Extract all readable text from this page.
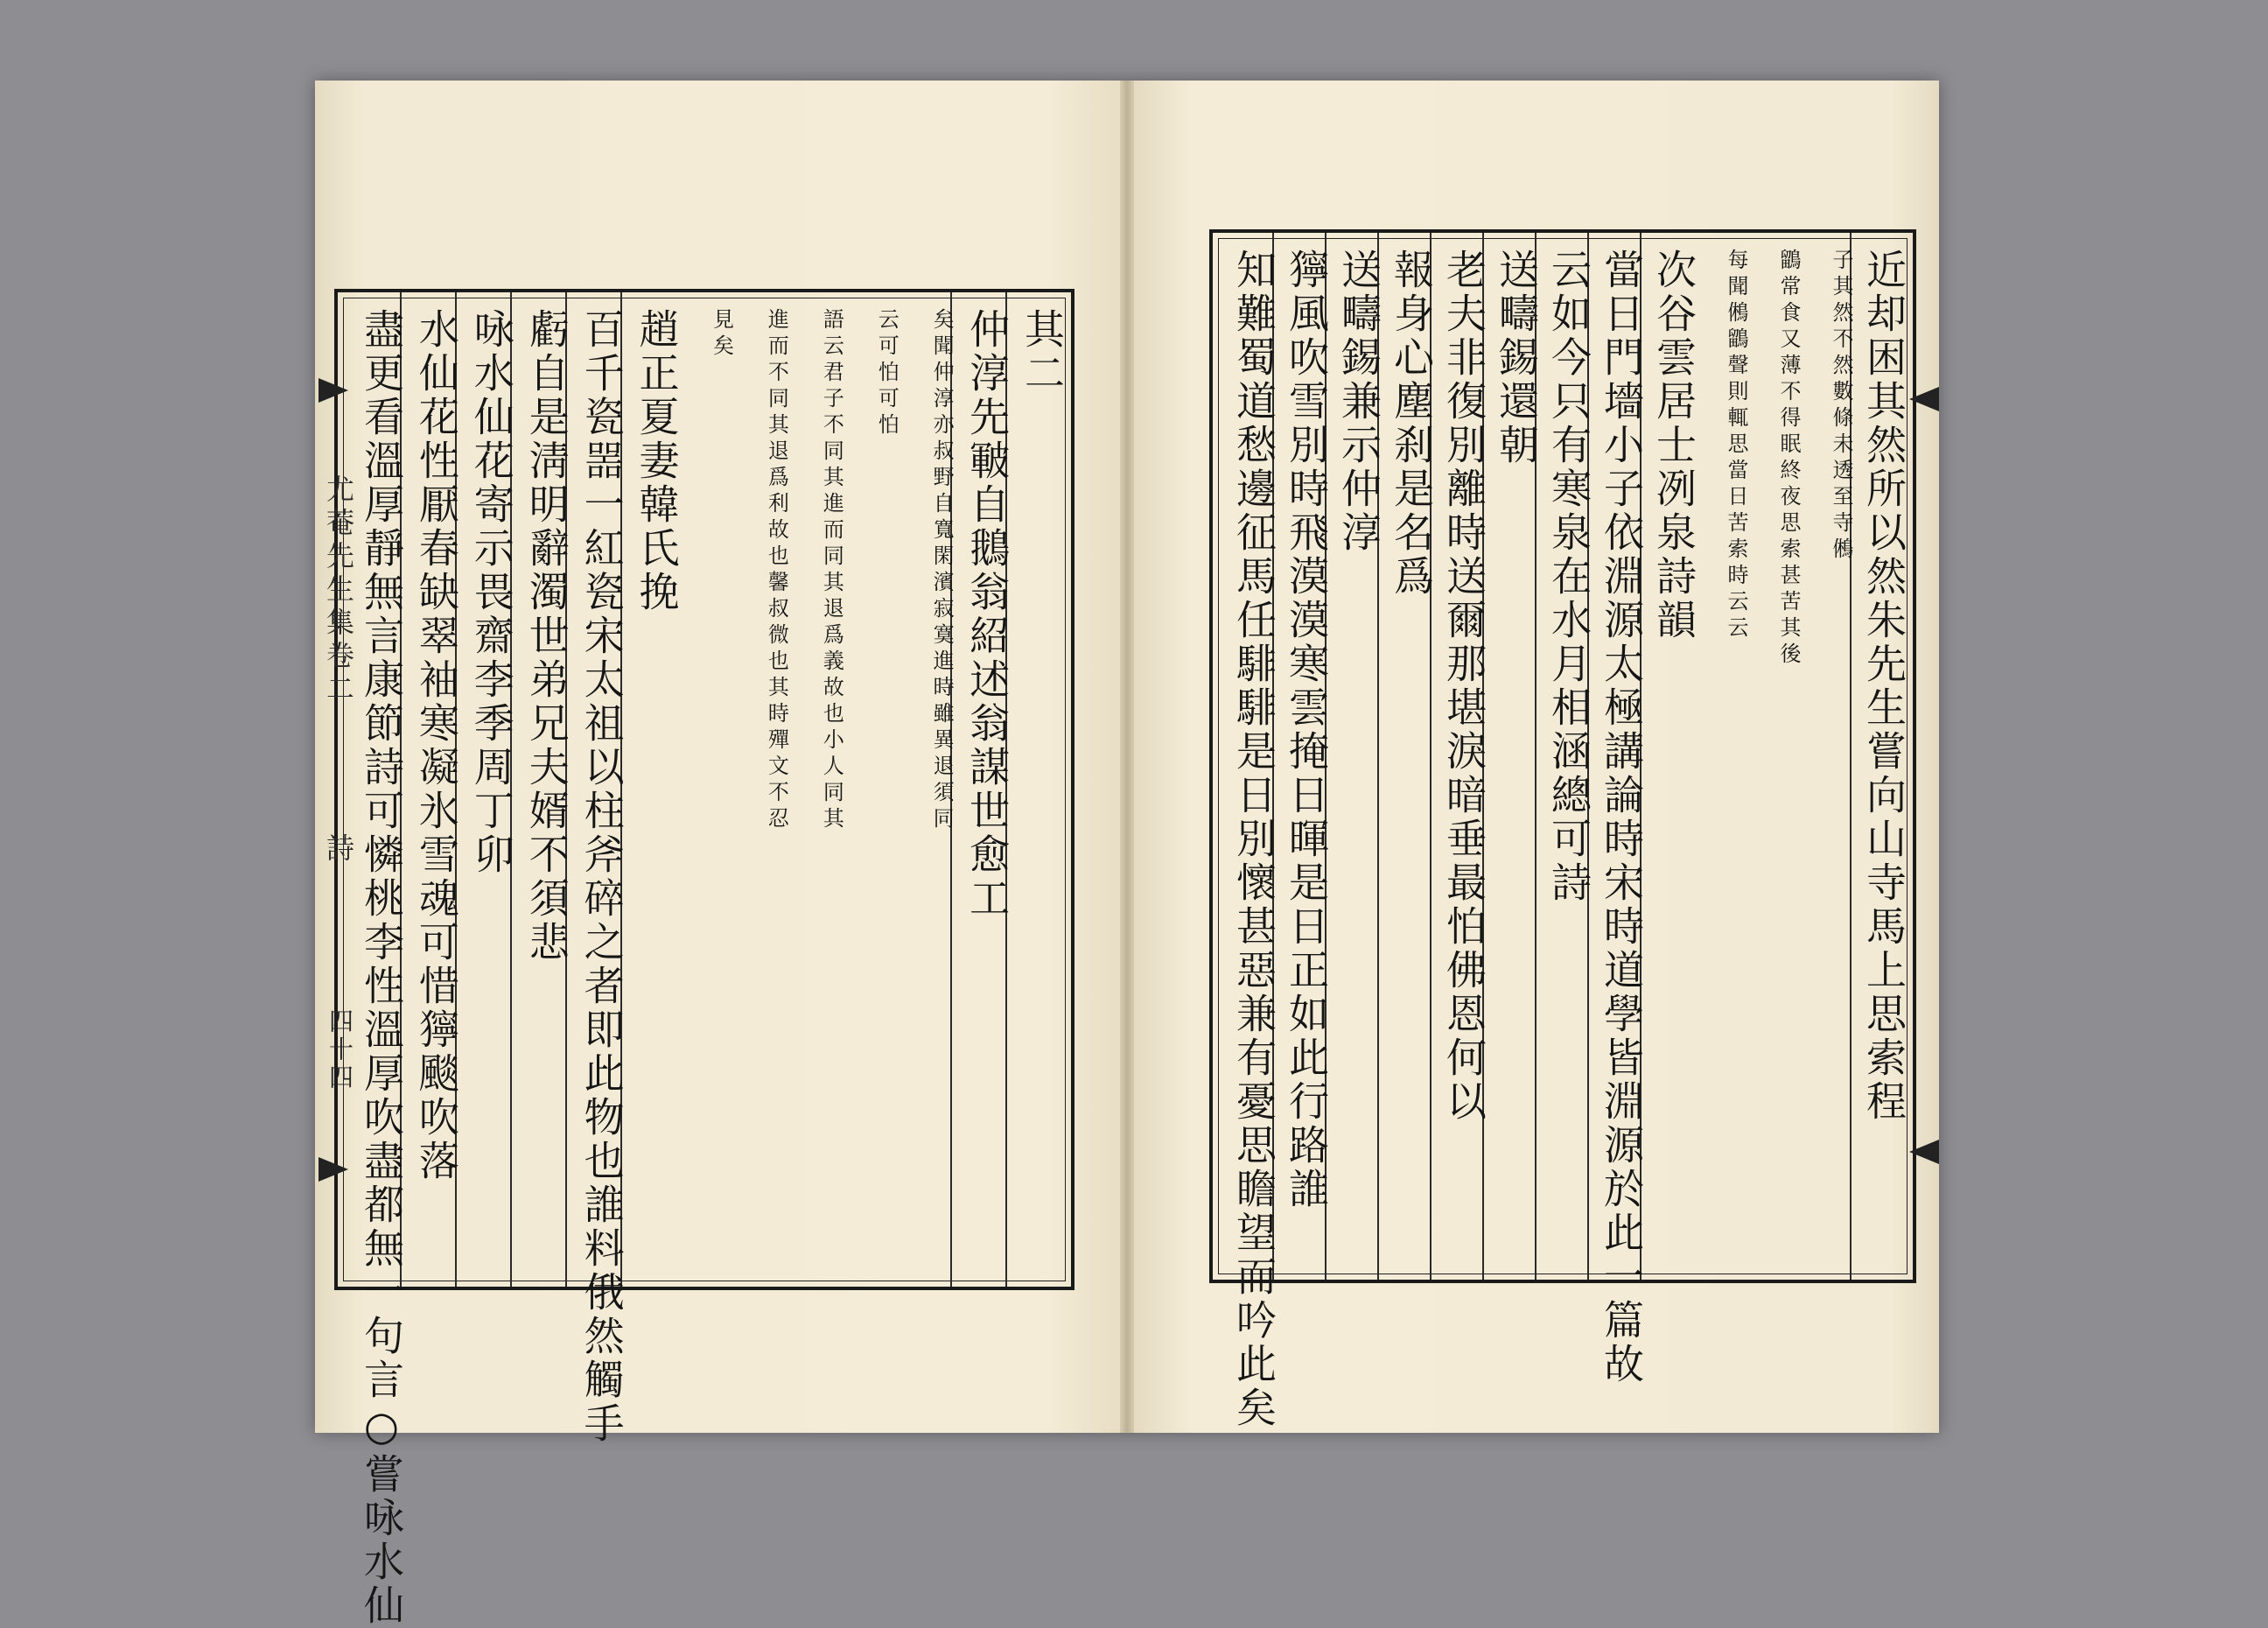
其二
仲淳先皸自鵝翁紹述翁謀世愈工
矣聞仲淳亦叔野自寬閑濱寂寞進時雖異退須同
云可怕可怕
語云君子不同其進而同其退爲義故也小人同其
進而不同其退爲利故也馨叔微也其時殫文不忍
見矣
趙正夏妻韓氏挽
百千瓷噐一紅瓷宋太祖以柱斧碎之者即此物也誰料俄然觸手
虧自是淸明辭濁世弟兄夫婿不須悲
咏水仙花寄示畏齋李季周丁卯
水仙花性厭春缺翠袖寒凝氷雪魂可惜獰颷吹落
盡更看溫厚靜無言康節詩可憐桃李性溫厚吹盡都無一句言○嘗咏水仙
尤菴先生集卷二
詩
四十四	近却困其然所以然朱先生嘗向山寺馬上思索程
子其然不然數條未透至寺鵂
鶹常食又薄不得眠終夜思索甚苦其後
每聞鵂鶹聲則輒思當日苦索時云云
次谷雲居士冽泉詩韻
當日門墻小子依淵源太極講論時宋時道學皆淵源於此一篇故
云如今只有寒泉在水月相涵總可詩
送疇錫還朝
老夫非復別離時送爾那堪淚暗垂最怕佛恩何以
報身心塵刹是名爲
送疇錫兼示仲淳
獰風吹雪別時飛漠漠寒雲掩日暉是日正如此行路誰
知難蜀道愁邊征馬任騑騑是日別懷甚惡兼有憂思瞻望而吟此矣
